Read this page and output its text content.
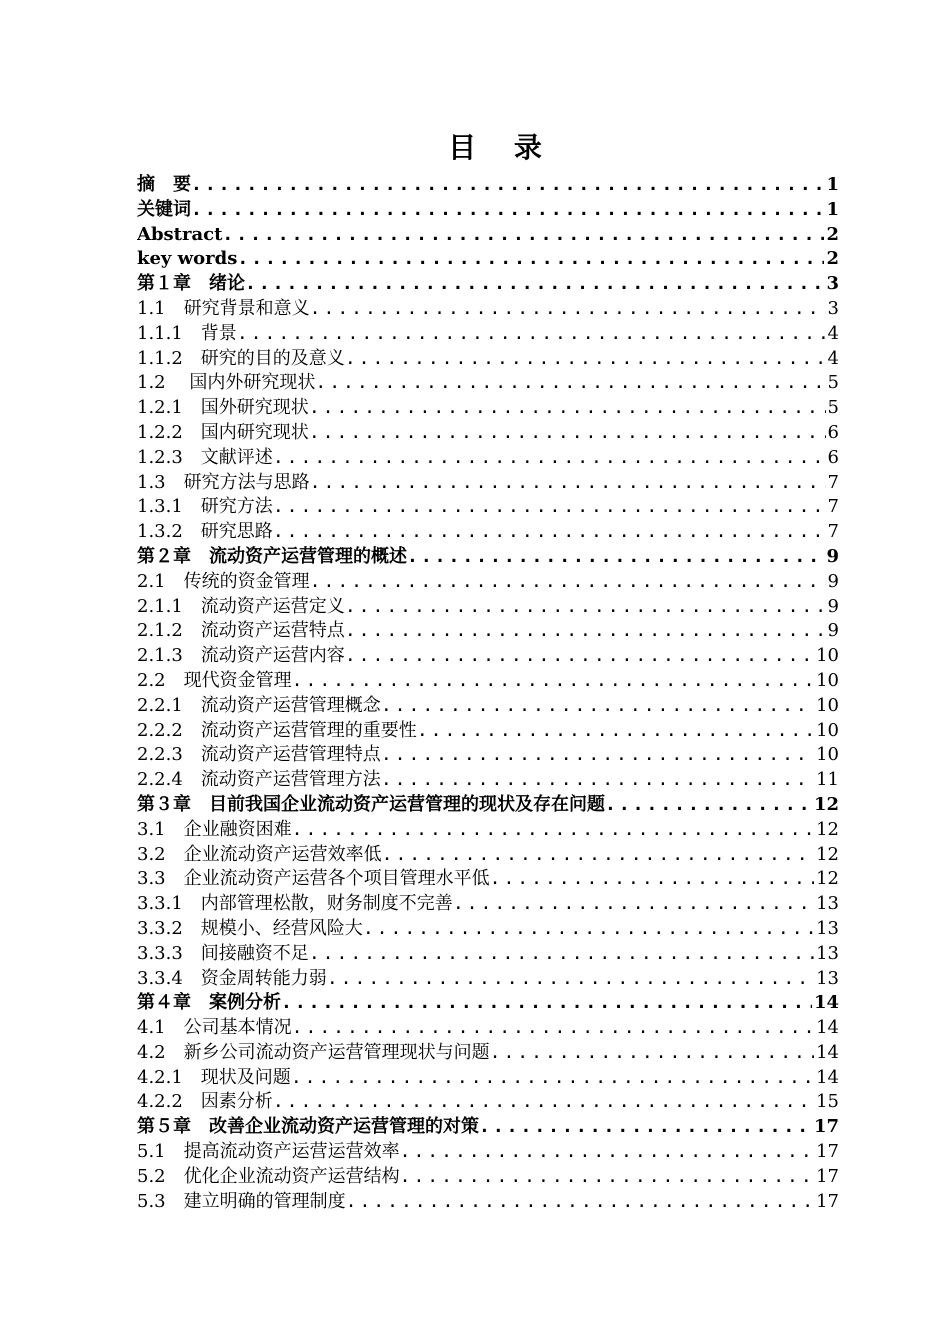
目 录
摘　要 .....	1
关键词 .....	1
Abstract .....	2
key words .....	2
第１章　绪论 .....	3
1.1　研究背景和意义 .....	3
1.1.1　背景 .....	4
1.1.2　研究的目的及意义 .....	4
1.2　 国内外研究现状 .....	5
1.2.1　国外研究现状 .....	5
1.2.2　国内研究现状 .....	6
1.2.3　文献评述 .....	6
1.3　研究方法与思路 .....	7
1.3.1　研究方法 .....	7
1.3.2　研究思路 .....	7
第２章　流动资产运营管理的概述 .....	9
2.1　传统的资金管理 .....	9
2.1.1　流动资产运营定义 .....	9
2.1.2　流动资产运营特点 .....	9
2.1.3　流动资产运营内容 .....	10
2.2　现代资金管理 .....	10
2.2.1　流动资产运营管理概念 .....	10
2.2.2　流动资产运营管理的重要性 .....	10
2.2.3　流动资产运营管理特点 .....	10
2.2.4　流动资产运营管理方法 .....	11
第３章　目前我国企业流动资产运营管理的现状及存在问题 .....	12
3.1　企业融资困难 .....	12
3.2　企业流动资产运营效率低 .....	12
3.3　企业流动资产运营各个项目管理水平低 .....	12
3.3.1　内部管理松散，财务制度不完善 .....	13
3.3.2　规模小、经营风险大 .....	13
3.3.3　间接融资不足 .....	13
3.3.4　资金周转能力弱 .....	13
第４章　案例分析 .....	14
4.1　公司基本情况 .....	14
4.2　新乡公司流动资产运营管理现状与问题 .....	14
4.2.1　现状及问题 .....	14
4.2.2　因素分析 .....	15
第５章　改善企业流动资产运营管理的对策 .....	17
5.1　提高流动资产运营运营效率 .....	17
5.2　优化企业流动资产运营结构 .....	17
5.3　建立明确的管理制度 .....	17
